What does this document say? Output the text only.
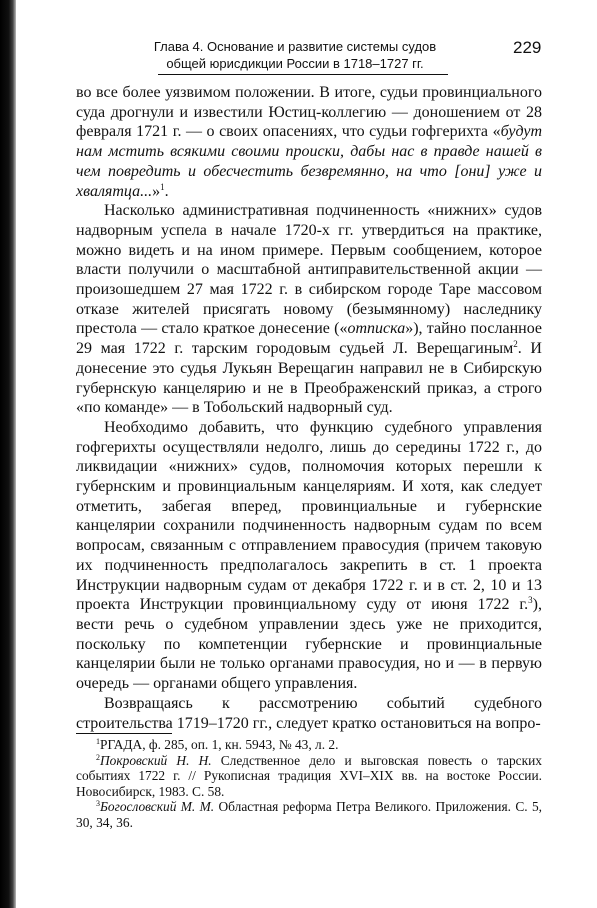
Глава 4. Основание и развитие системы судов
общей юрисдикции России в 1718–1727 гг.
229

во все более уязвимом положении. В итоге, судьи провинциального суда дрогнули и известили Юстиц-коллегию — доношением от 28 февраля 1721 г. — о своих опасениях, что судьи гофгерихта «будут нам мстить всякими своими происки, дабы нас в правде нашей в чем повредить и обесчестить безвремянно, на что [они] уже и хвалятца...»$^1$.

Насколько административная подчиненность «нижних» судов надворным успела в начале 1720-х гг. утвердиться на практике, можно видеть и на ином примере. Первым сообщением, которое власти получили о масштабной антиправительственной акции — произошедшем 27 мая 1722 г. в сибирском городе Таре массовом отказе жителей присягать новому (безымянному) наследнику престола — стало краткое донесение («отписка»), тайно посланное 29 мая 1722 г. тарским городовым судьей Л. Верещагиным$^2$. И донесение это судья Лукьян Верещагин направил не в Сибирскую губернскую канцелярию и не в Преображенский приказ, а строго «по команде» — в Тобольский надворный суд.

Необходимо добавить, что функцию судебного управления гофгерихты осуществляли недолго, лишь до середины 1722 г., до ликвидации «нижних» судов, полномочия которых перешли к губернским и провинциальным канцеляриям. И хотя, как следует отметить, забегая вперед, провинциальные и губернские канцелярии сохранили подчиненность надворным судам по всем вопросам, связанным с отправлением правосудия (причем таковую их подчиненность предполагалось закрепить в ст. 1 проекта Инструкции надворным судам от декабря 1722 г. и в ст. 2, 10 и 13 проекта Инструкции провинциальному суду от июня 1722 г.$^3$), вести речь о судебном управлении здесь уже не приходится, поскольку по компетенции губернские и провинциальные канцелярии были не только органами правосудия, но и — в первую очередь — органами общего управления.

Возвращаясь к рассмотрению событий судебного строительства 1719–1720 гг., следует кратко остановиться на вопро-

$^1$РГАДА, ф. 285, оп. 1, кн. 5943, № 43, л. 2.

$^2$Покровский Н. Н. Следственное дело и выговская повесть о тарских событиях 1722 г. // Рукописная традиция XVI–XIX вв. на востоке России. Новосибирск, 1983. С. 58.

$^3$Богословский М. М. Областная реформа Петра Великого. Приложения. С. 5, 30, 34, 36.
